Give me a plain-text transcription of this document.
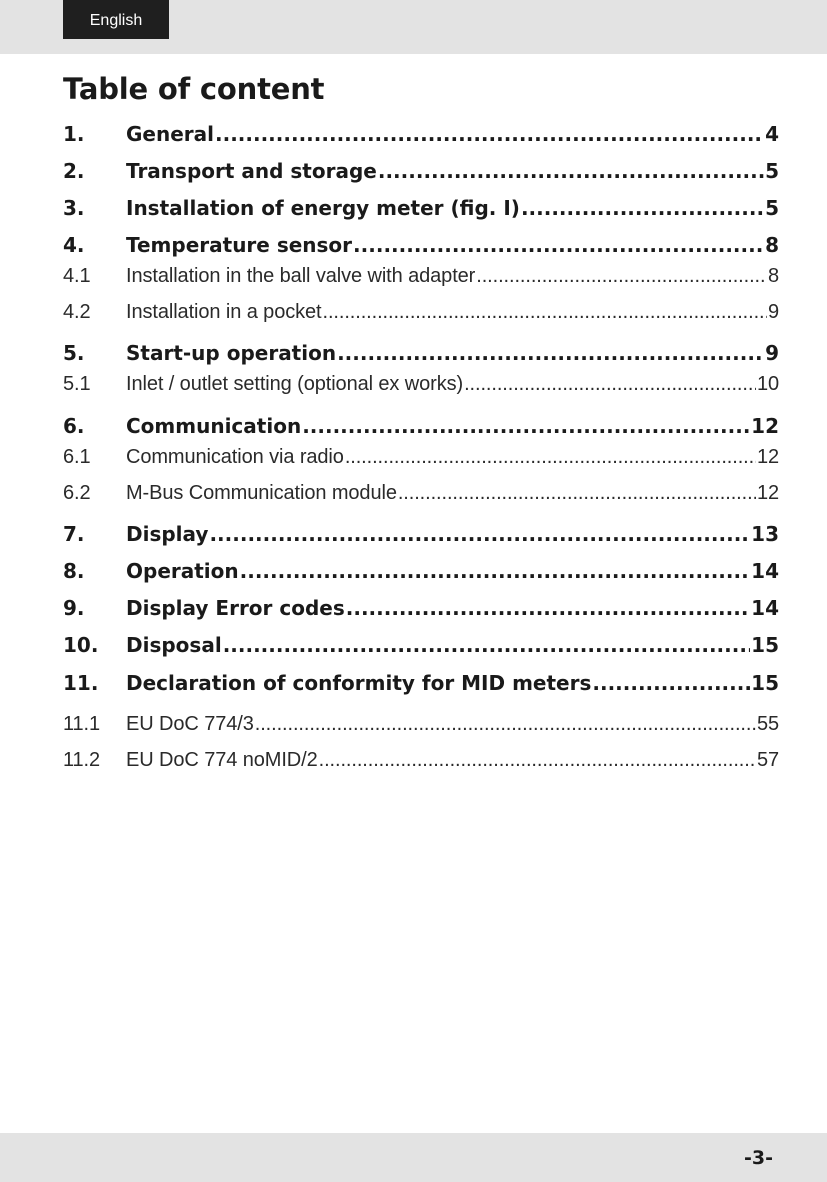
English
Table of content
1.	General .....	4
2.	Transport and storage .....	5
3.	Installation of energy meter (fig. I) .....	5
4.	Temperature sensor .....	8
4.1	Installation in the ball valve with adapter .....	8
4.2	Installation in a pocket .....	9
5.	Start-up operation .....	9
5.1	Inlet / outlet setting (optional ex works) .....	10
6.	Communication .....	12
6.1	Communication via radio .....	12
6.2	M-Bus Communication module .....	12
7.	Display .....	13
8.	Operation .....	14
9.	Display Error codes .....	14
10.	Disposal .....	15
11.	Declaration of conformity for MID meters .....	15
11.1	EU DoC 774/3 .....	55
11.2	EU DoC 774 noMID/2 .....	57
-3-
